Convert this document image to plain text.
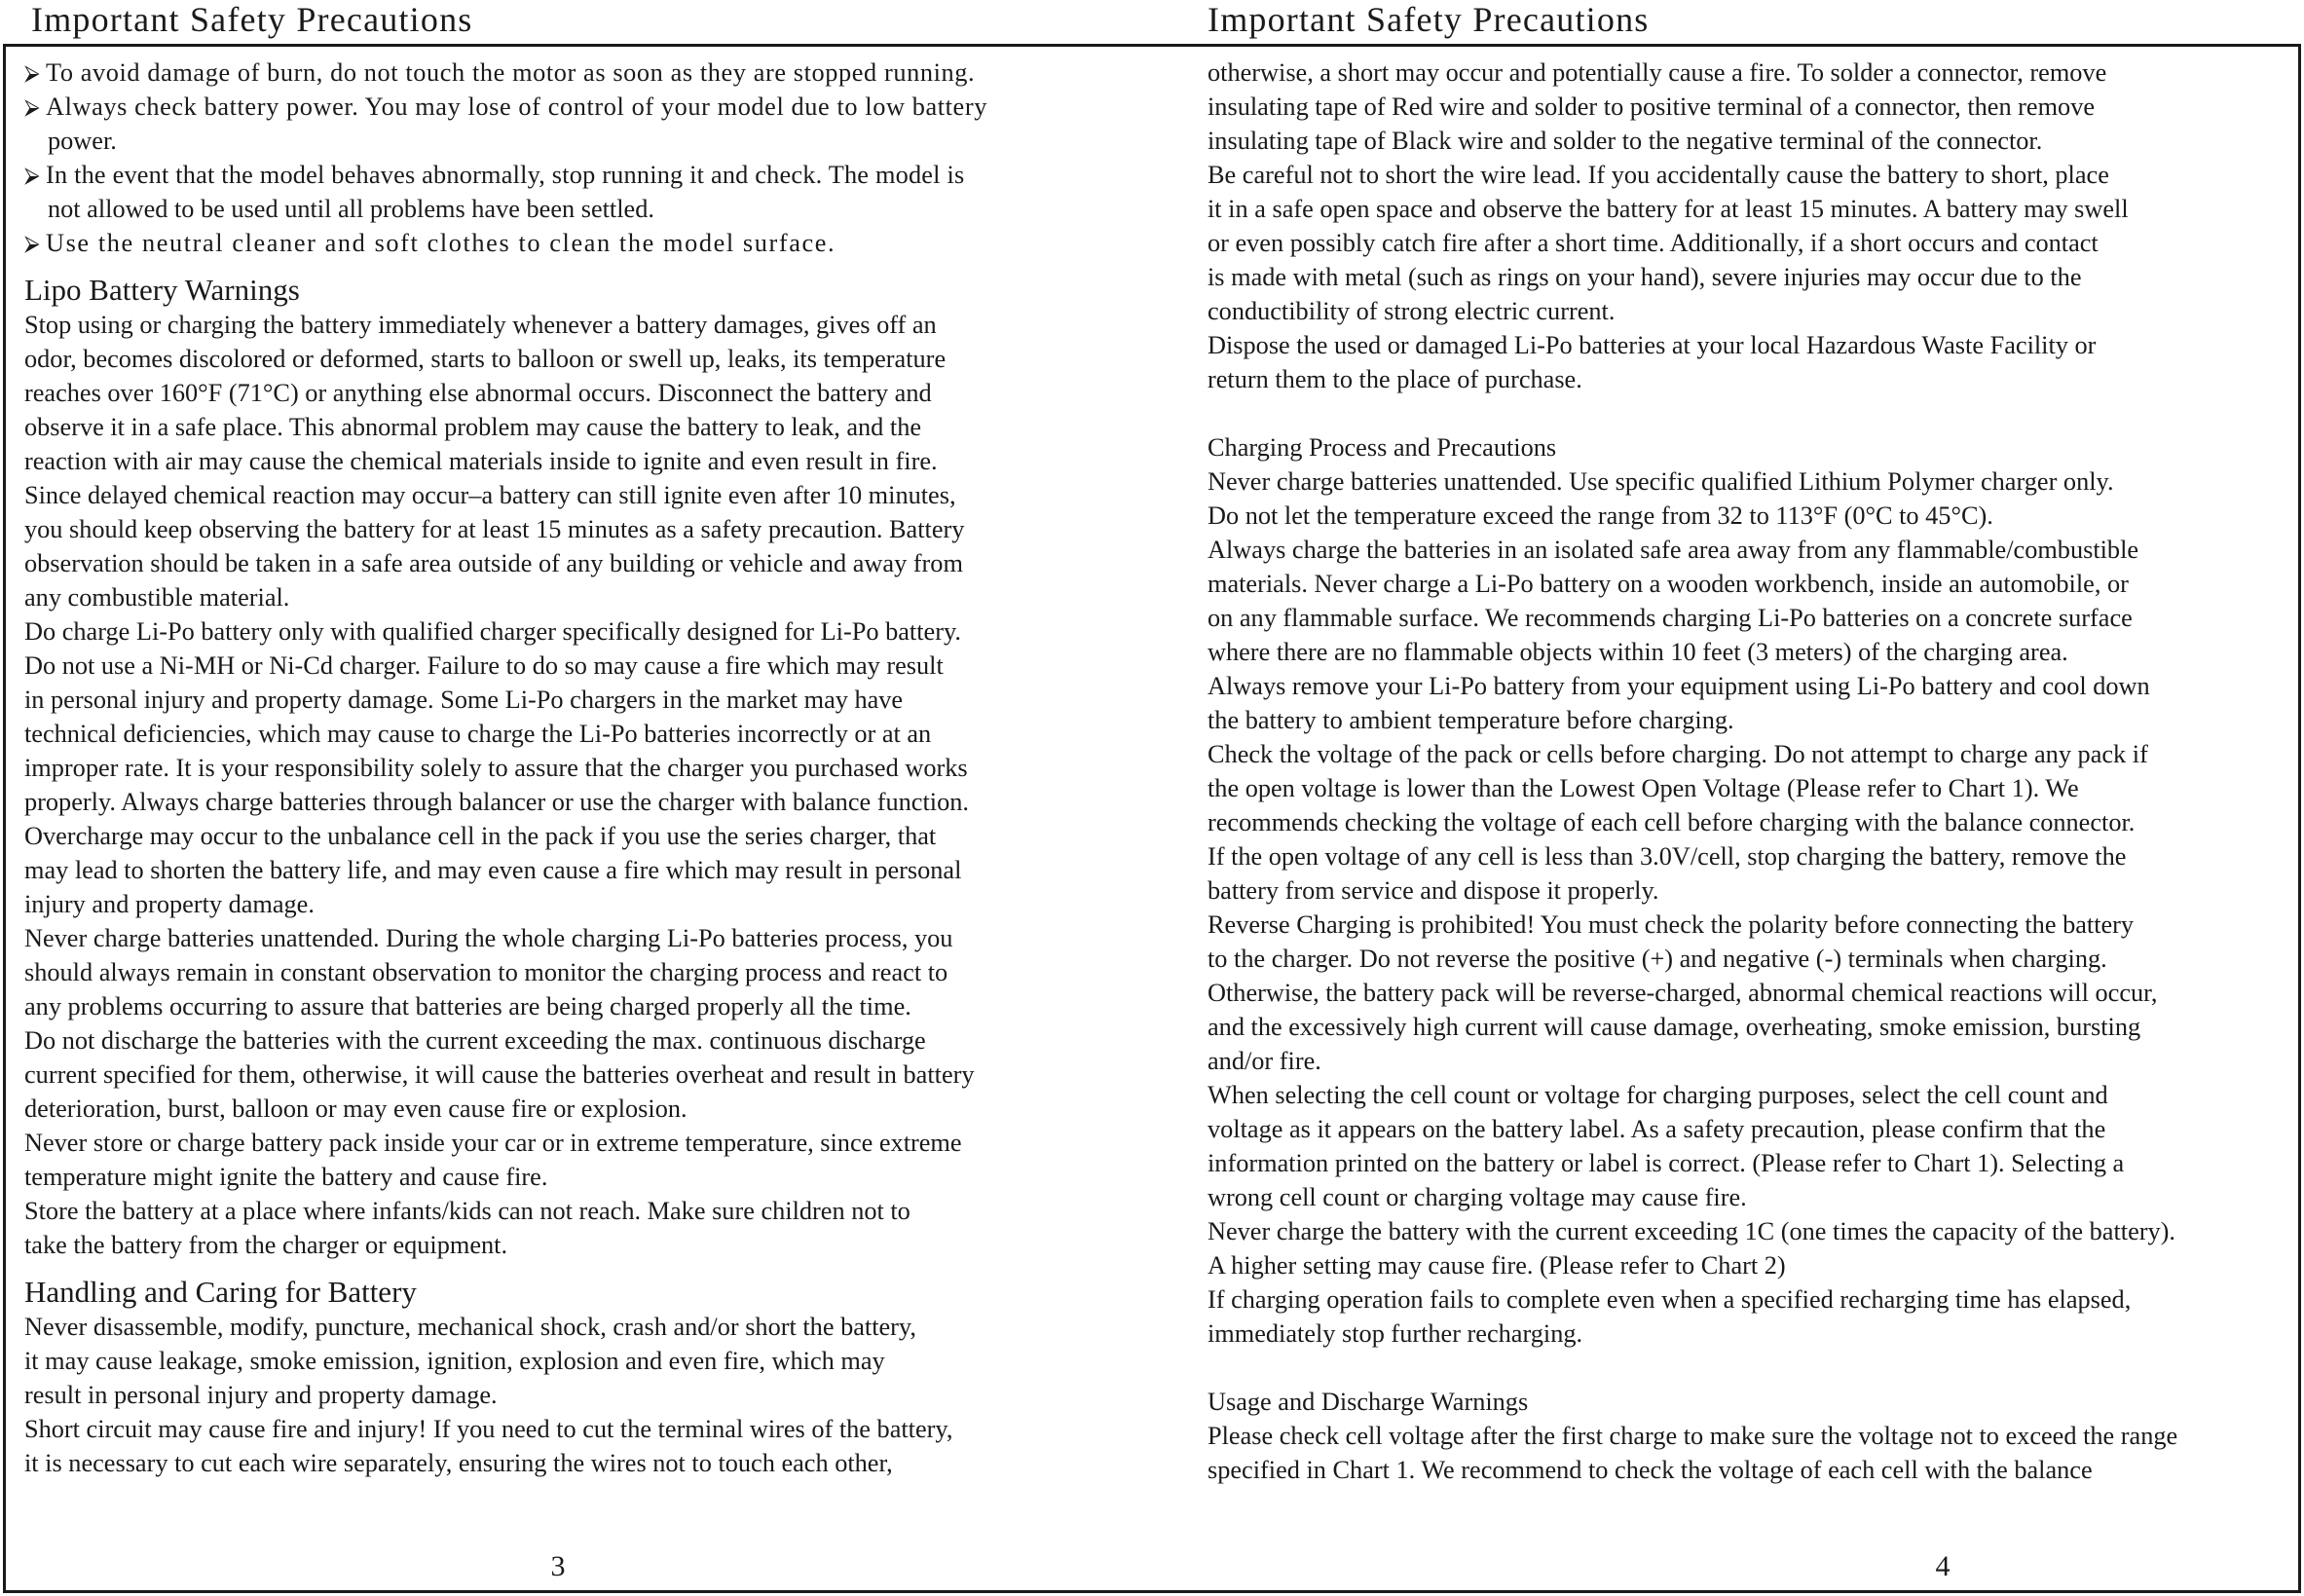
Important Safety Precautions
⮚ To avoid damage of burn, do not touch the motor as soon as they are stopped running.
⮚ Always check battery power. You may lose of control of your model due to low battery
power.
⮚ In the event that the model behaves abnormally, stop running it and check. The model is
not allowed to be used until all problems have been settled.
⮚ Use the neutral cleaner and soft clothes to clean the model surface.
Lipo Battery Warnings
Stop using or charging the battery immediately whenever a battery damages, gives off an
odor, becomes discolored or deformed, starts to balloon or swell up, leaks, its temperature
reaches over 160°F (71°C) or anything else abnormal occurs. Disconnect the battery and
observe it in a safe place. This abnormal problem may cause the battery to leak, and the
reaction with air may cause the chemical materials inside to ignite and even result in fire.
Since delayed chemical reaction may occur–a battery can still ignite even after 10 minutes,
you should keep observing the battery for at least 15 minutes as a safety precaution. Battery
observation should be taken in a safe area outside of any building or vehicle and away from
any combustible material.
Do charge Li-Po battery only with qualified charger specifically designed for Li-Po battery.
Do not use a Ni-MH or Ni-Cd charger. Failure to do so may cause a fire which may result
in personal injury and property damage. Some Li-Po chargers in the market may have
technical deficiencies, which may cause to charge the Li-Po batteries incorrectly or at an
improper rate. It is your responsibility solely to assure that the charger you purchased works
properly. Always charge batteries through balancer or use the charger with balance function.
Overcharge may occur to the unbalance cell in the pack if you use the series charger, that
may lead to shorten the battery life, and may even cause a fire which may result in personal
injury and property damage.
Never charge batteries unattended. During the whole charging Li-Po batteries process, you
should always remain in constant observation to monitor the charging process and react to
any problems occurring to assure that batteries are being charged properly all the time.
Do not discharge the batteries with the current exceeding the max. continuous discharge
current specified for them, otherwise, it will cause the batteries overheat and result in battery
deterioration, burst, balloon or may even cause fire or explosion.
Never store or charge battery pack inside your car or in extreme temperature, since extreme
temperature might ignite the battery and cause fire.
Store the battery at a place where infants/kids can not reach. Make sure children not to
take the battery from the charger or equipment.
Handling and Caring for Battery
Never disassemble, modify, puncture, mechanical shock, crash and/or short the battery,
it may cause leakage, smoke emission, ignition, explosion and even fire, which may
result in personal injury and property damage.
Short circuit may cause fire and injury! If you need to cut the terminal wires of the battery,
it is necessary to cut each wire separately, ensuring the wires not to touch each other,
3
Important Safety Precautions
otherwise, a short may occur and potentially cause a fire. To solder a connector, remove
insulating tape of Red wire and solder to positive terminal of a connector, then remove
insulating tape of Black wire and solder to the negative terminal of the connector.
Be careful not to short the wire lead. If you accidentally cause the battery to short, place
it in a safe open space and observe the battery for at least 15 minutes. A battery may swell
or even possibly catch fire after a short time. Additionally, if a short occurs and contact
is made with metal (such as rings on your hand), severe injuries may occur due to the
conductibility of strong electric current.
Dispose the used or damaged Li-Po batteries at your local Hazardous Waste Facility or
return them to the place of purchase.
Charging Process and Precautions
Never charge batteries unattended. Use specific qualified Lithium Polymer charger only.
Do not let the temperature exceed the range from 32 to 113°F (0°C to 45°C).
Always charge the batteries in an isolated safe area away from any flammable/combustible
materials. Never charge a Li-Po battery on a wooden workbench, inside an automobile, or
on any flammable surface. We recommends charging Li-Po batteries on a concrete surface
where there are no flammable objects within 10 feet (3 meters) of the charging area.
Always remove your Li-Po battery from your equipment using Li-Po battery and cool down
the battery to ambient temperature before charging.
Check the voltage of the pack or cells before charging. Do not attempt to charge any pack if
the open voltage is lower than the Lowest Open Voltage (Please refer to Chart 1). We
recommends checking the voltage of each cell before charging with the balance connector.
If the open voltage of any cell is less than 3.0V/cell, stop charging the battery, remove the
battery from service and dispose it properly.
Reverse Charging is prohibited! You must check the polarity before connecting the battery
to the charger. Do not reverse the positive (+) and negative (-) terminals when charging.
Otherwise, the battery pack will be reverse-charged, abnormal chemical reactions will occur,
and the excessively high current will cause damage, overheating, smoke emission, bursting
and/or fire.
When selecting the cell count or voltage for charging purposes, select the cell count and
voltage as it appears on the battery label. As a safety precaution, please confirm that the
information printed on the battery or label is correct. (Please refer to Chart 1). Selecting a
wrong cell count or charging voltage may cause fire.
Never charge the battery with the current exceeding 1C (one times the capacity of the battery).
A higher setting may cause fire. (Please refer to Chart 2)
If charging operation fails to complete even when a specified recharging time has elapsed,
immediately stop further recharging.
Usage and Discharge Warnings
Please check cell voltage after the first charge to make sure the voltage not to exceed the range
specified in Chart 1. We recommend to check the voltage of each cell with the balance
4
